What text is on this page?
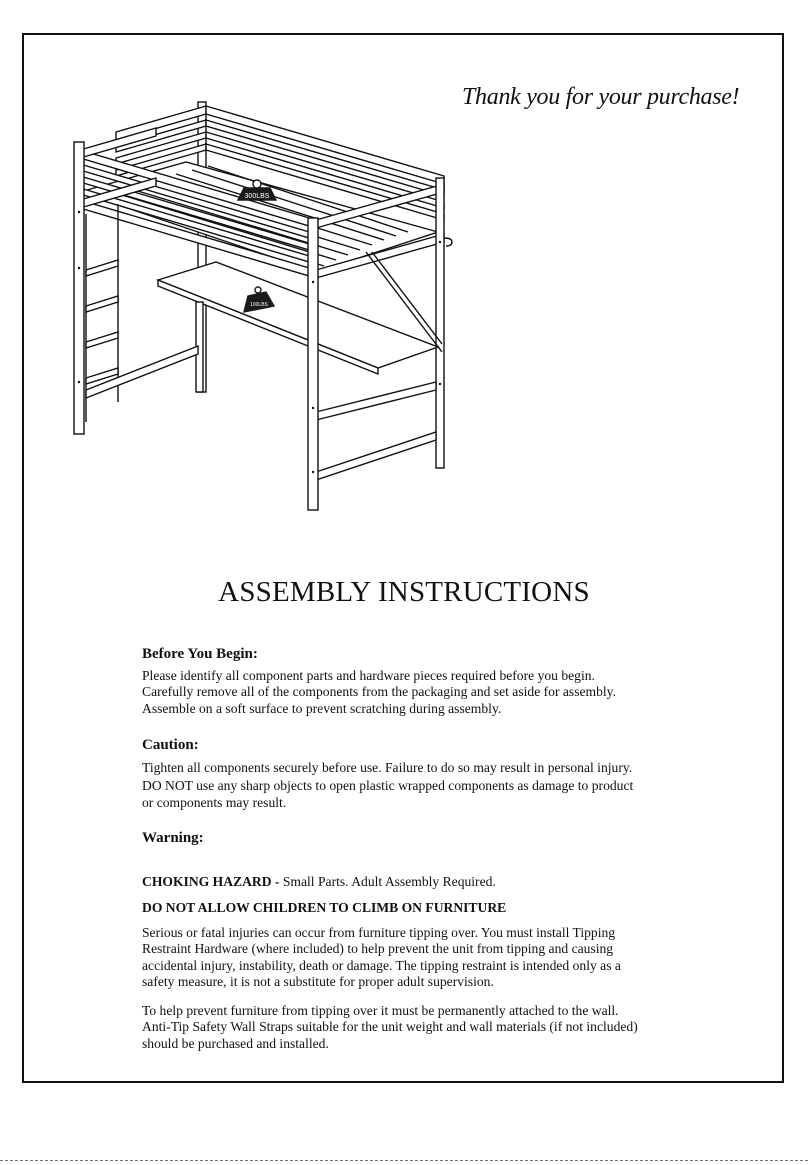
Thank you for your purchase!
300LBS
100LBS
ASSEMBLY INSTRUCTIONS
Before You Begin:
Please identify all component parts and hardware pieces required before you begin.
Carefully remove all of the components from the packaging and set aside for assembly.
Assemble on a soft surface to prevent scratching during assembly.
Caution:
Tighten all components securely before use. Failure to do so may result in personal injury.
DO NOT use any sharp objects to open plastic wrapped components as damage to product
or components may result.
Warning:
CHOKING HAZARD - Small Parts. Adult Assembly Required.
DO NOT ALLOW CHILDREN TO CLIMB ON FURNITURE
Serious or fatal injuries can occur from furniture tipping over. You must install Tipping
Restraint Hardware (where included) to help prevent the unit from tipping and causing
accidental injury, instability, death or damage. The tipping restraint is intended only as a
safety measure, it is not a substitute for proper adult supervision.
To help prevent furniture from tipping over it must be permanently attached to the wall.
Anti-Tip Safety Wall Straps suitable for the unit weight and wall materials (if not included)
should be purchased and installed.
